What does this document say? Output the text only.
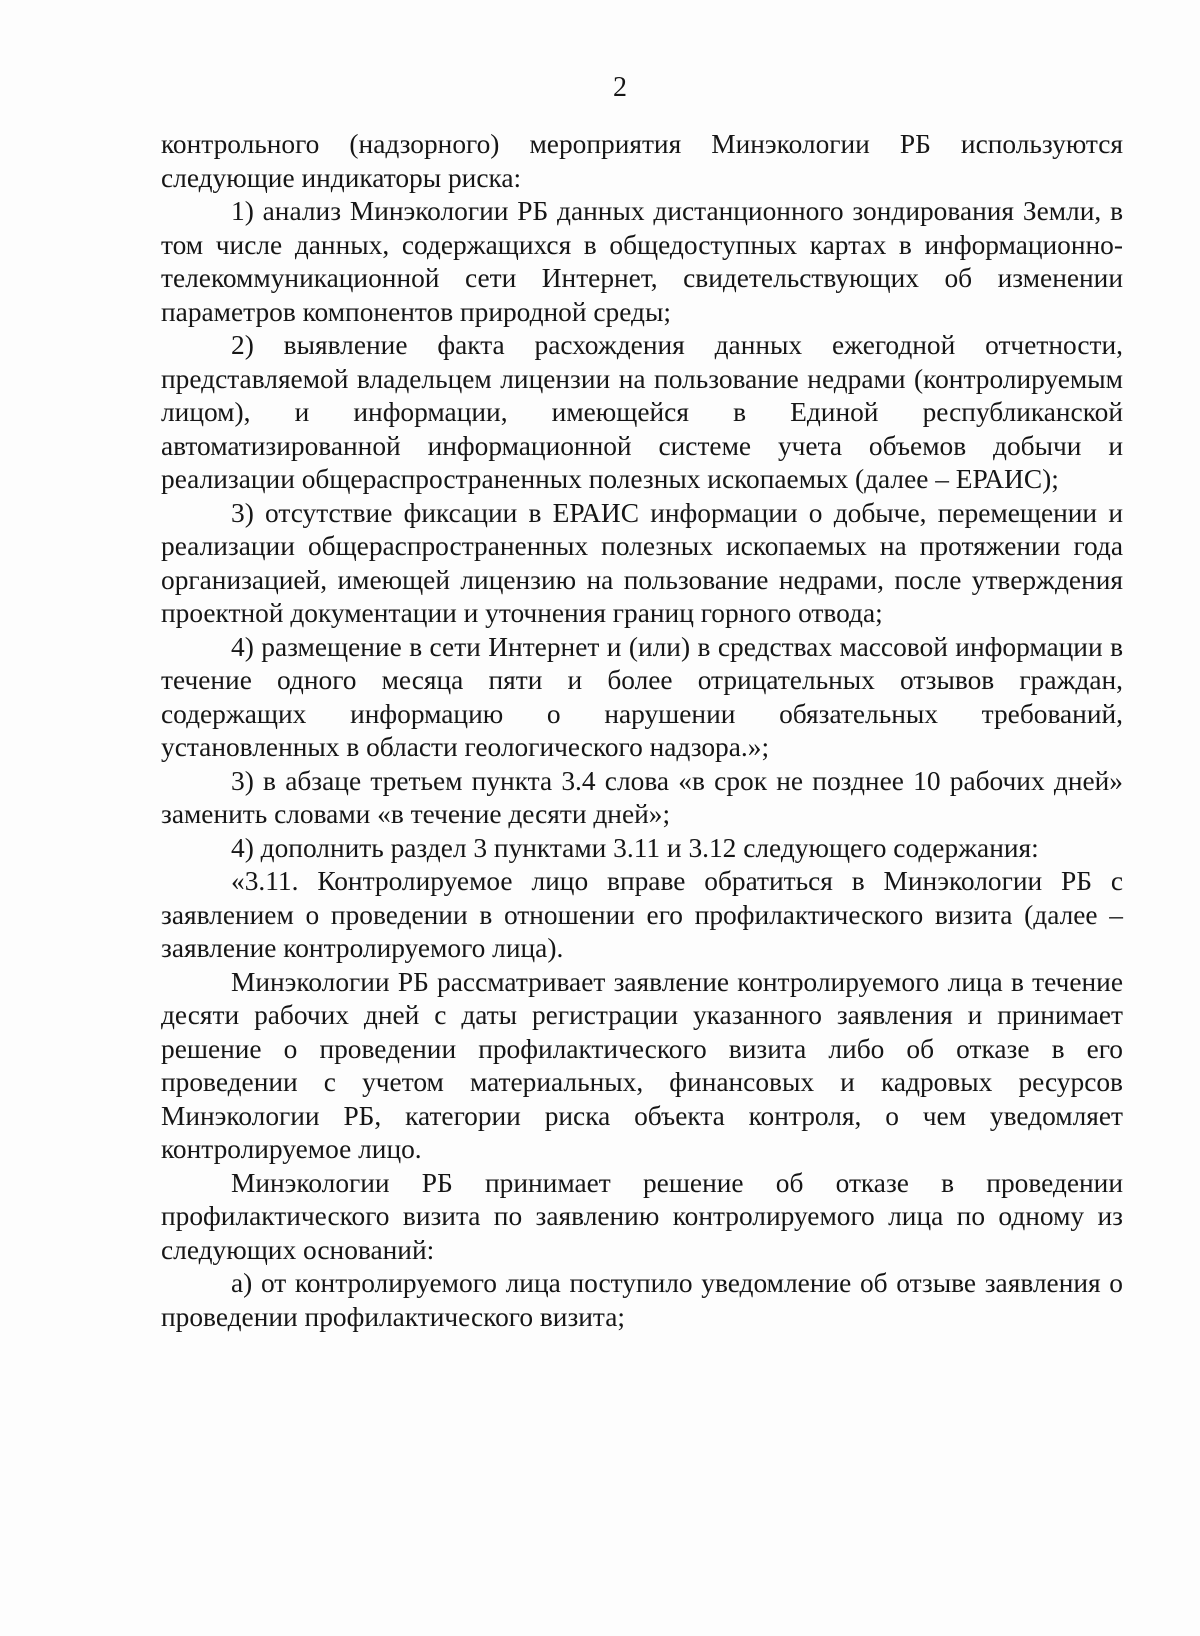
2

контрольного (надзорного) мероприятия Минэкологии РБ используются следующие индикаторы риска:

1) анализ Минэкологии РБ данных дистанционного зондирования Земли, в том числе данных, содержащихся в общедоступных картах в информационно-телекоммуникационной сети Интернет, свидетельствующих об изменении параметров компонентов природной среды;

2) выявление факта расхождения данных ежегодной отчетности, представляемой владельцем лицензии на пользование недрами (контролируемым лицом), и информации, имеющейся в Единой республиканской автоматизированной информационной системе учета объемов добычи и реализации общераспространенных полезных ископаемых (далее – ЕРАИС);

3) отсутствие фиксации в ЕРАИС информации о добыче, перемещении и реализации общераспространенных полезных ископаемых на протяжении года организацией, имеющей лицензию на пользование недрами, после утверждения проектной документации и уточнения границ горного отвода;

4) размещение в сети Интернет и (или) в средствах массовой информации в течение одного месяца пяти и более отрицательных отзывов граждан, содержащих информацию о нарушении обязательных требований, установленных в области геологического надзора.»;

3) в абзаце третьем пункта 3.4 слова «в срок не позднее 10 рабочих дней» заменить словами «в течение десяти дней»;

4) дополнить раздел 3 пунктами 3.11 и 3.12 следующего содержания:

«3.11. Контролируемое лицо вправе обратиться в Минэкологии РБ с заявлением о проведении в отношении его профилактического визита (далее – заявление контролируемого лица).

Минэкологии РБ рассматривает заявление контролируемого лица в течение десяти рабочих дней с даты регистрации указанного заявления и принимает решение о проведении профилактического визита либо об отказе в его проведении с учетом материальных, финансовых и кадровых ресурсов Минэкологии РБ, категории риска объекта контроля, о чем уведомляет контролируемое лицо.

Минэкологии РБ принимает решение об отказе в проведении профилактического визита по заявлению контролируемого лица по одному из следующих оснований:

а) от контролируемого лица поступило уведомление об отзыве заявления о проведении профилактического визита;
